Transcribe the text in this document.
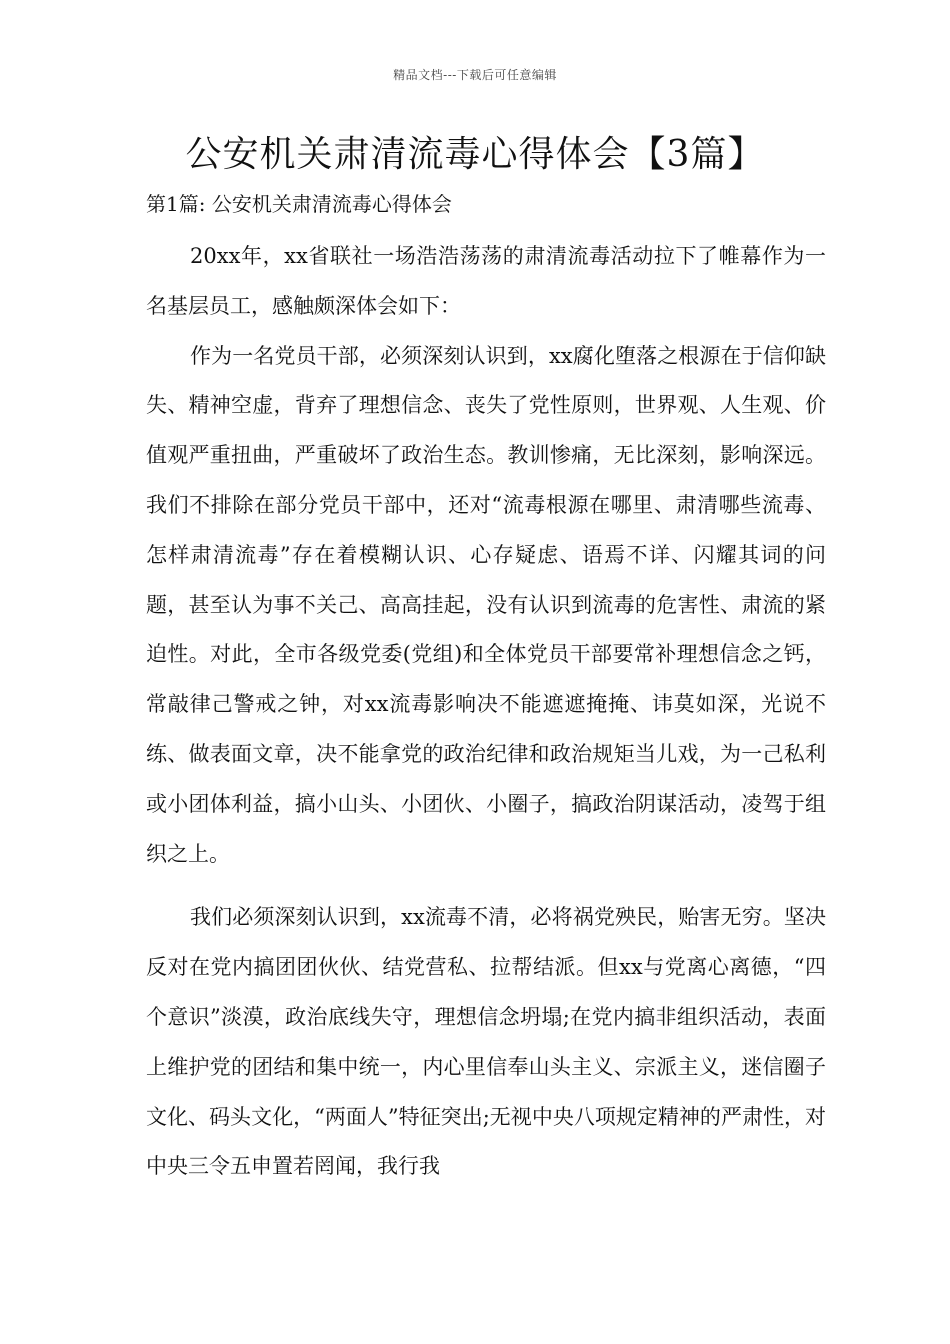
精品文档---下载后可任意编辑
公安机关肃清流毒心得体会【3篇】
第1篇: 公安机关肃清流毒心得体会

20xx年，xx省联社一场浩浩荡荡的肃清流毒活动拉下了帷幕作为一名基层员工，感触颇深体会如下：

作为一名党员干部，必须深刻认识到，xx腐化堕落之根源在于信仰缺失、精神空虚，背弃了理想信念、丧失了党性原则，世界观、人生观、价值观严重扭曲，严重破坏了政治生态。教训惨痛，无比深刻，影响深远。我们不排除在部分党员干部中，还对“流毒根源在哪里、肃清哪些流毒、怎样肃清流毒”存在着模糊认识、心存疑虑、语焉不详、闪耀其词的问题，甚至认为事不关己、高高挂起，没有认识到流毒的危害性、肃流的紧迫性。对此，全市各级党委(党组)和全体党员干部要常补理想信念之钙，常敲律己警戒之钟，对xx流毒影响决不能遮遮掩掩、讳莫如深，光说不练、做表面文章，决不能拿党的政治纪律和政治规矩当儿戏，为一己私利或小团体利益，搞小山头、小团伙、小圈子，搞政治阴谋活动，凌驾于组织之上。

我们必须深刻认识到，xx流毒不清，必将祸党殃民，贻害无穷。坚决反对在党内搞团团伙伙、结党营私、拉帮结派。但xx与党离心离德，“四个意识”淡漠，政治底线失守，理想信念坍塌;在党内搞非组织活动，表面上维护党的团结和集中统一，内心里信奉山头主义、宗派主义，迷信圈子文化、码头文化，“两面人”特征突出;无视中央八项规定精神的严肃性，对中央三令五申置若罔闻，我行我
